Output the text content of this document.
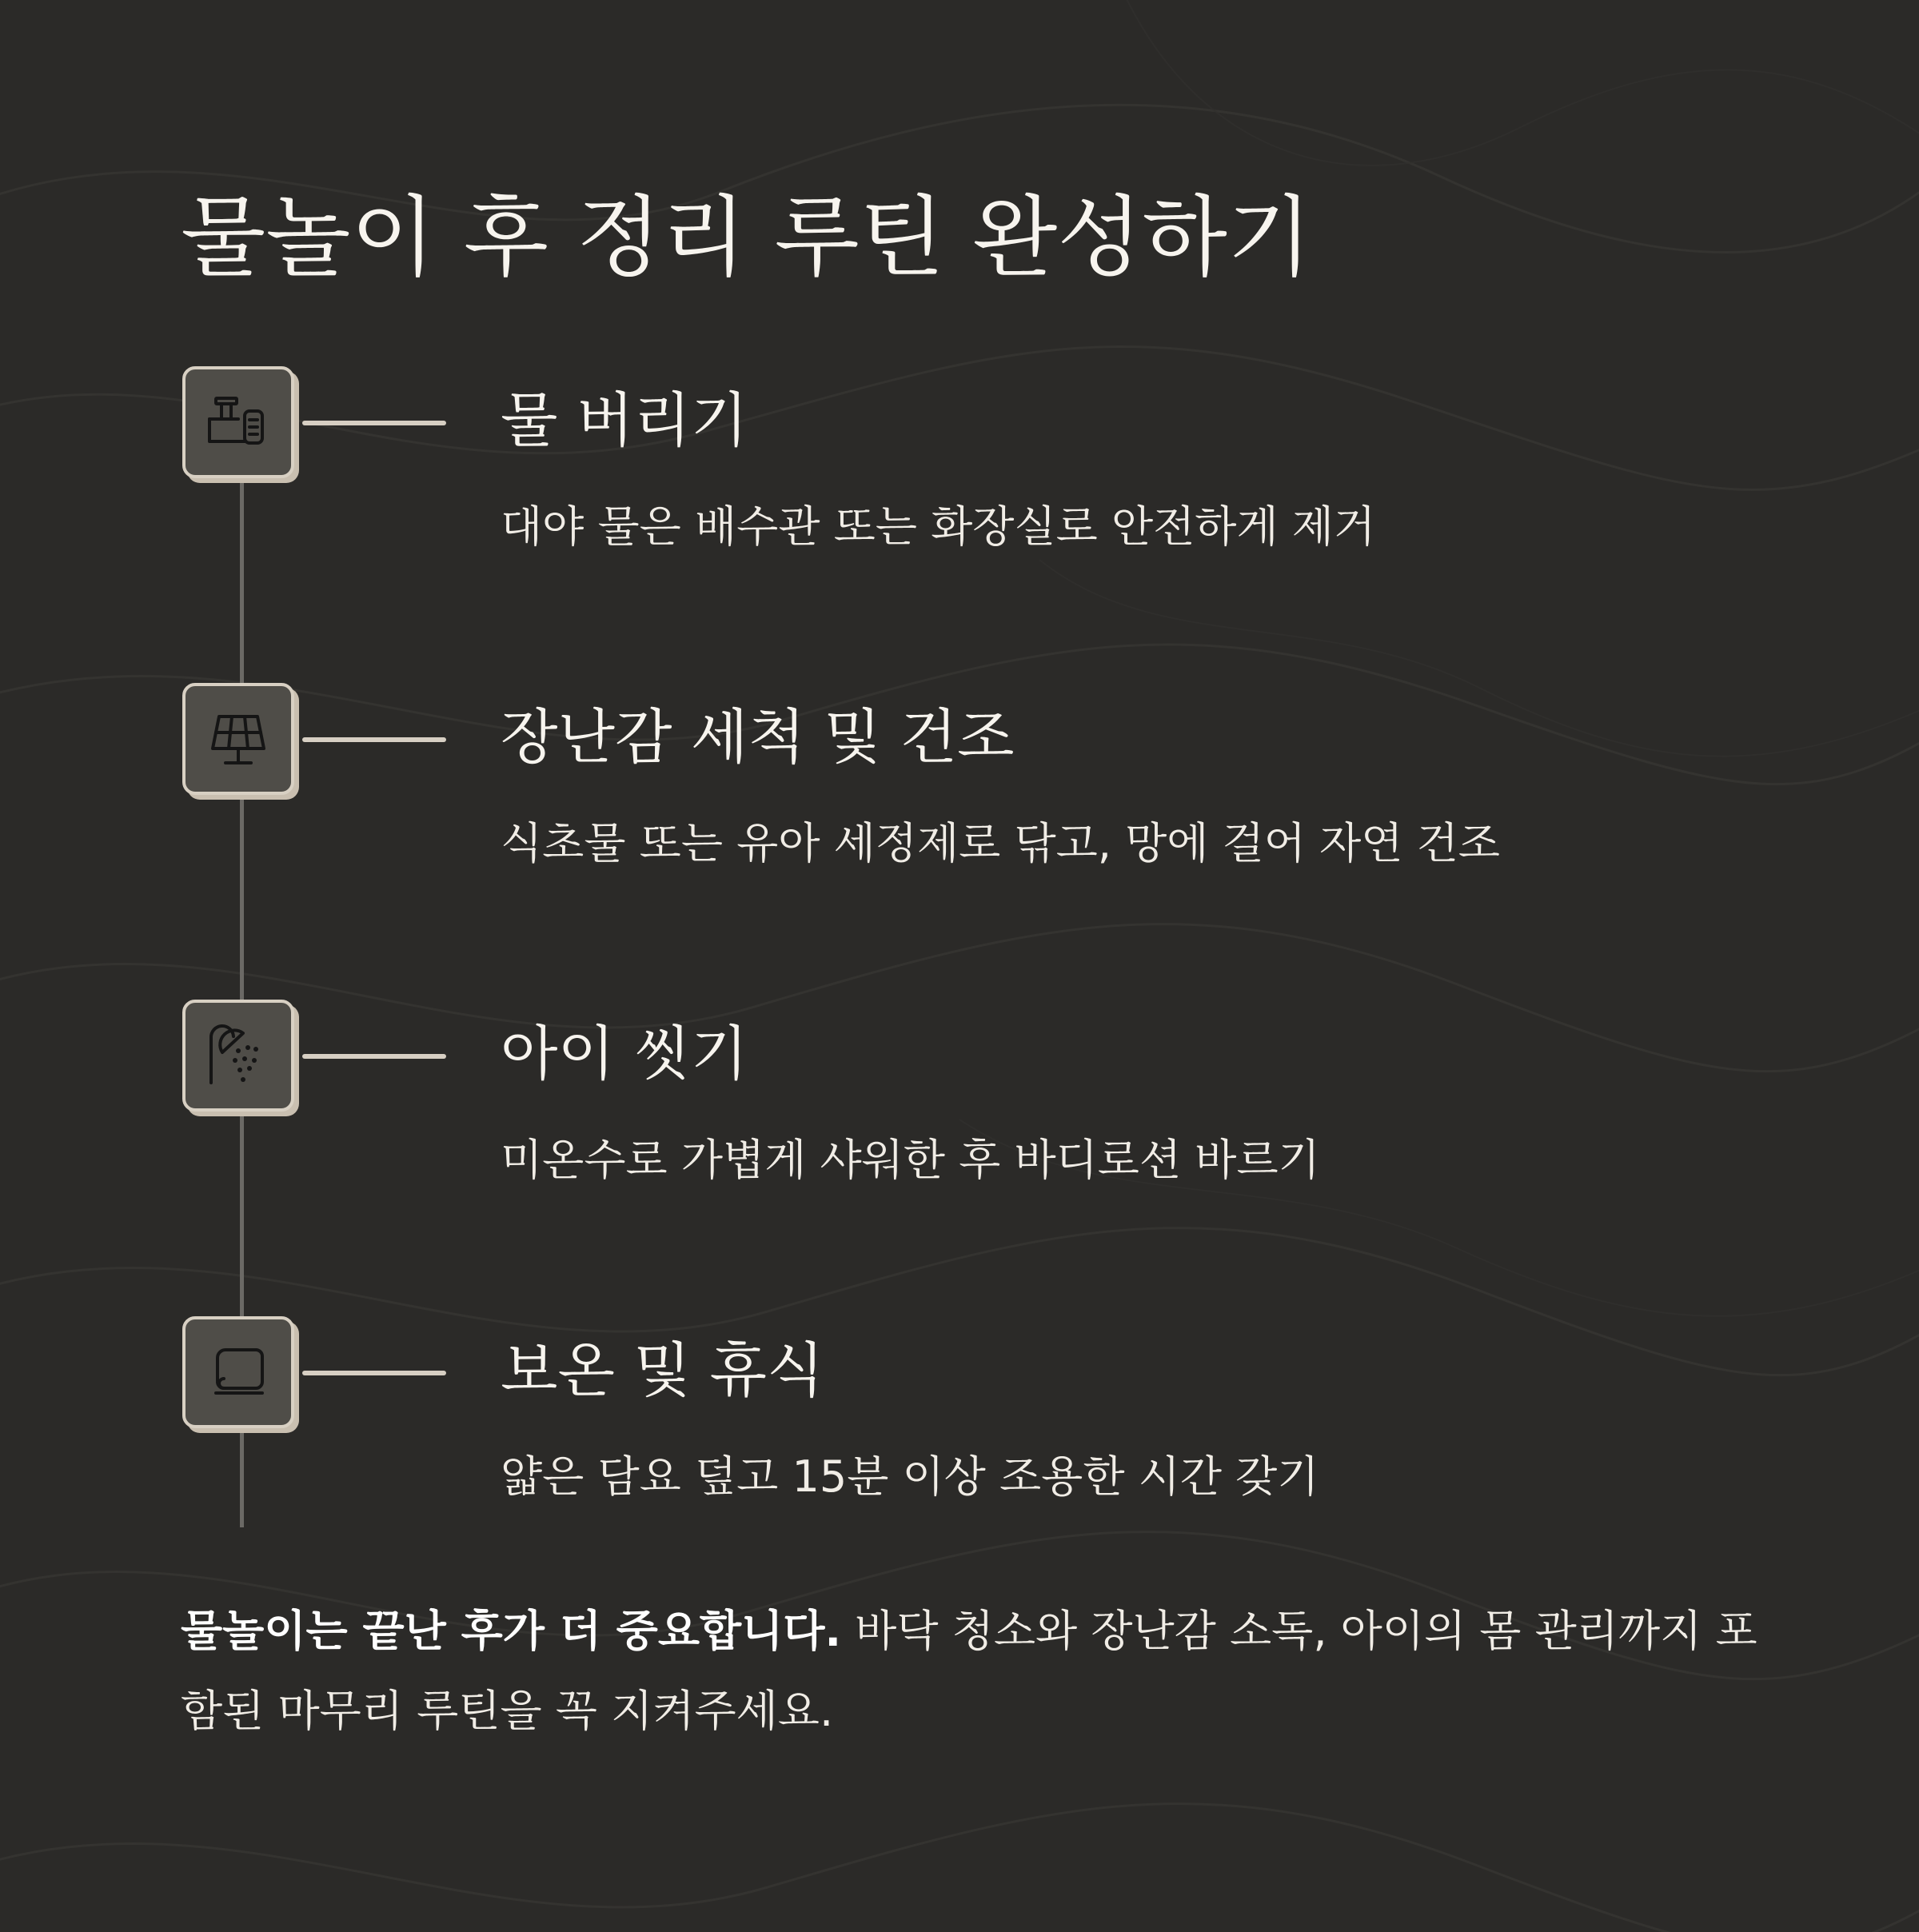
물놀이 후 정리 루틴 완성하기
물 버리기

대야 물은 배수관 또는 화장실로 안전하게 제거

장난감 세척 및 건조

식초물 또는 유아 세정제로 닦고, 망에 걸어 자연 건조

아이 씻기

미온수로 가볍게 샤워한 후 바디로션 바르기

보온 및 휴식

얇은 담요 덮고 15분 이상 조용한 시간 갖기

물놀이는 끝난 후가 더 중요합니다. 바닥 청소와 장난감 소독, 아이의 몸 관리까지 포함된 마무리 루틴을 꼭 지켜주세요.
